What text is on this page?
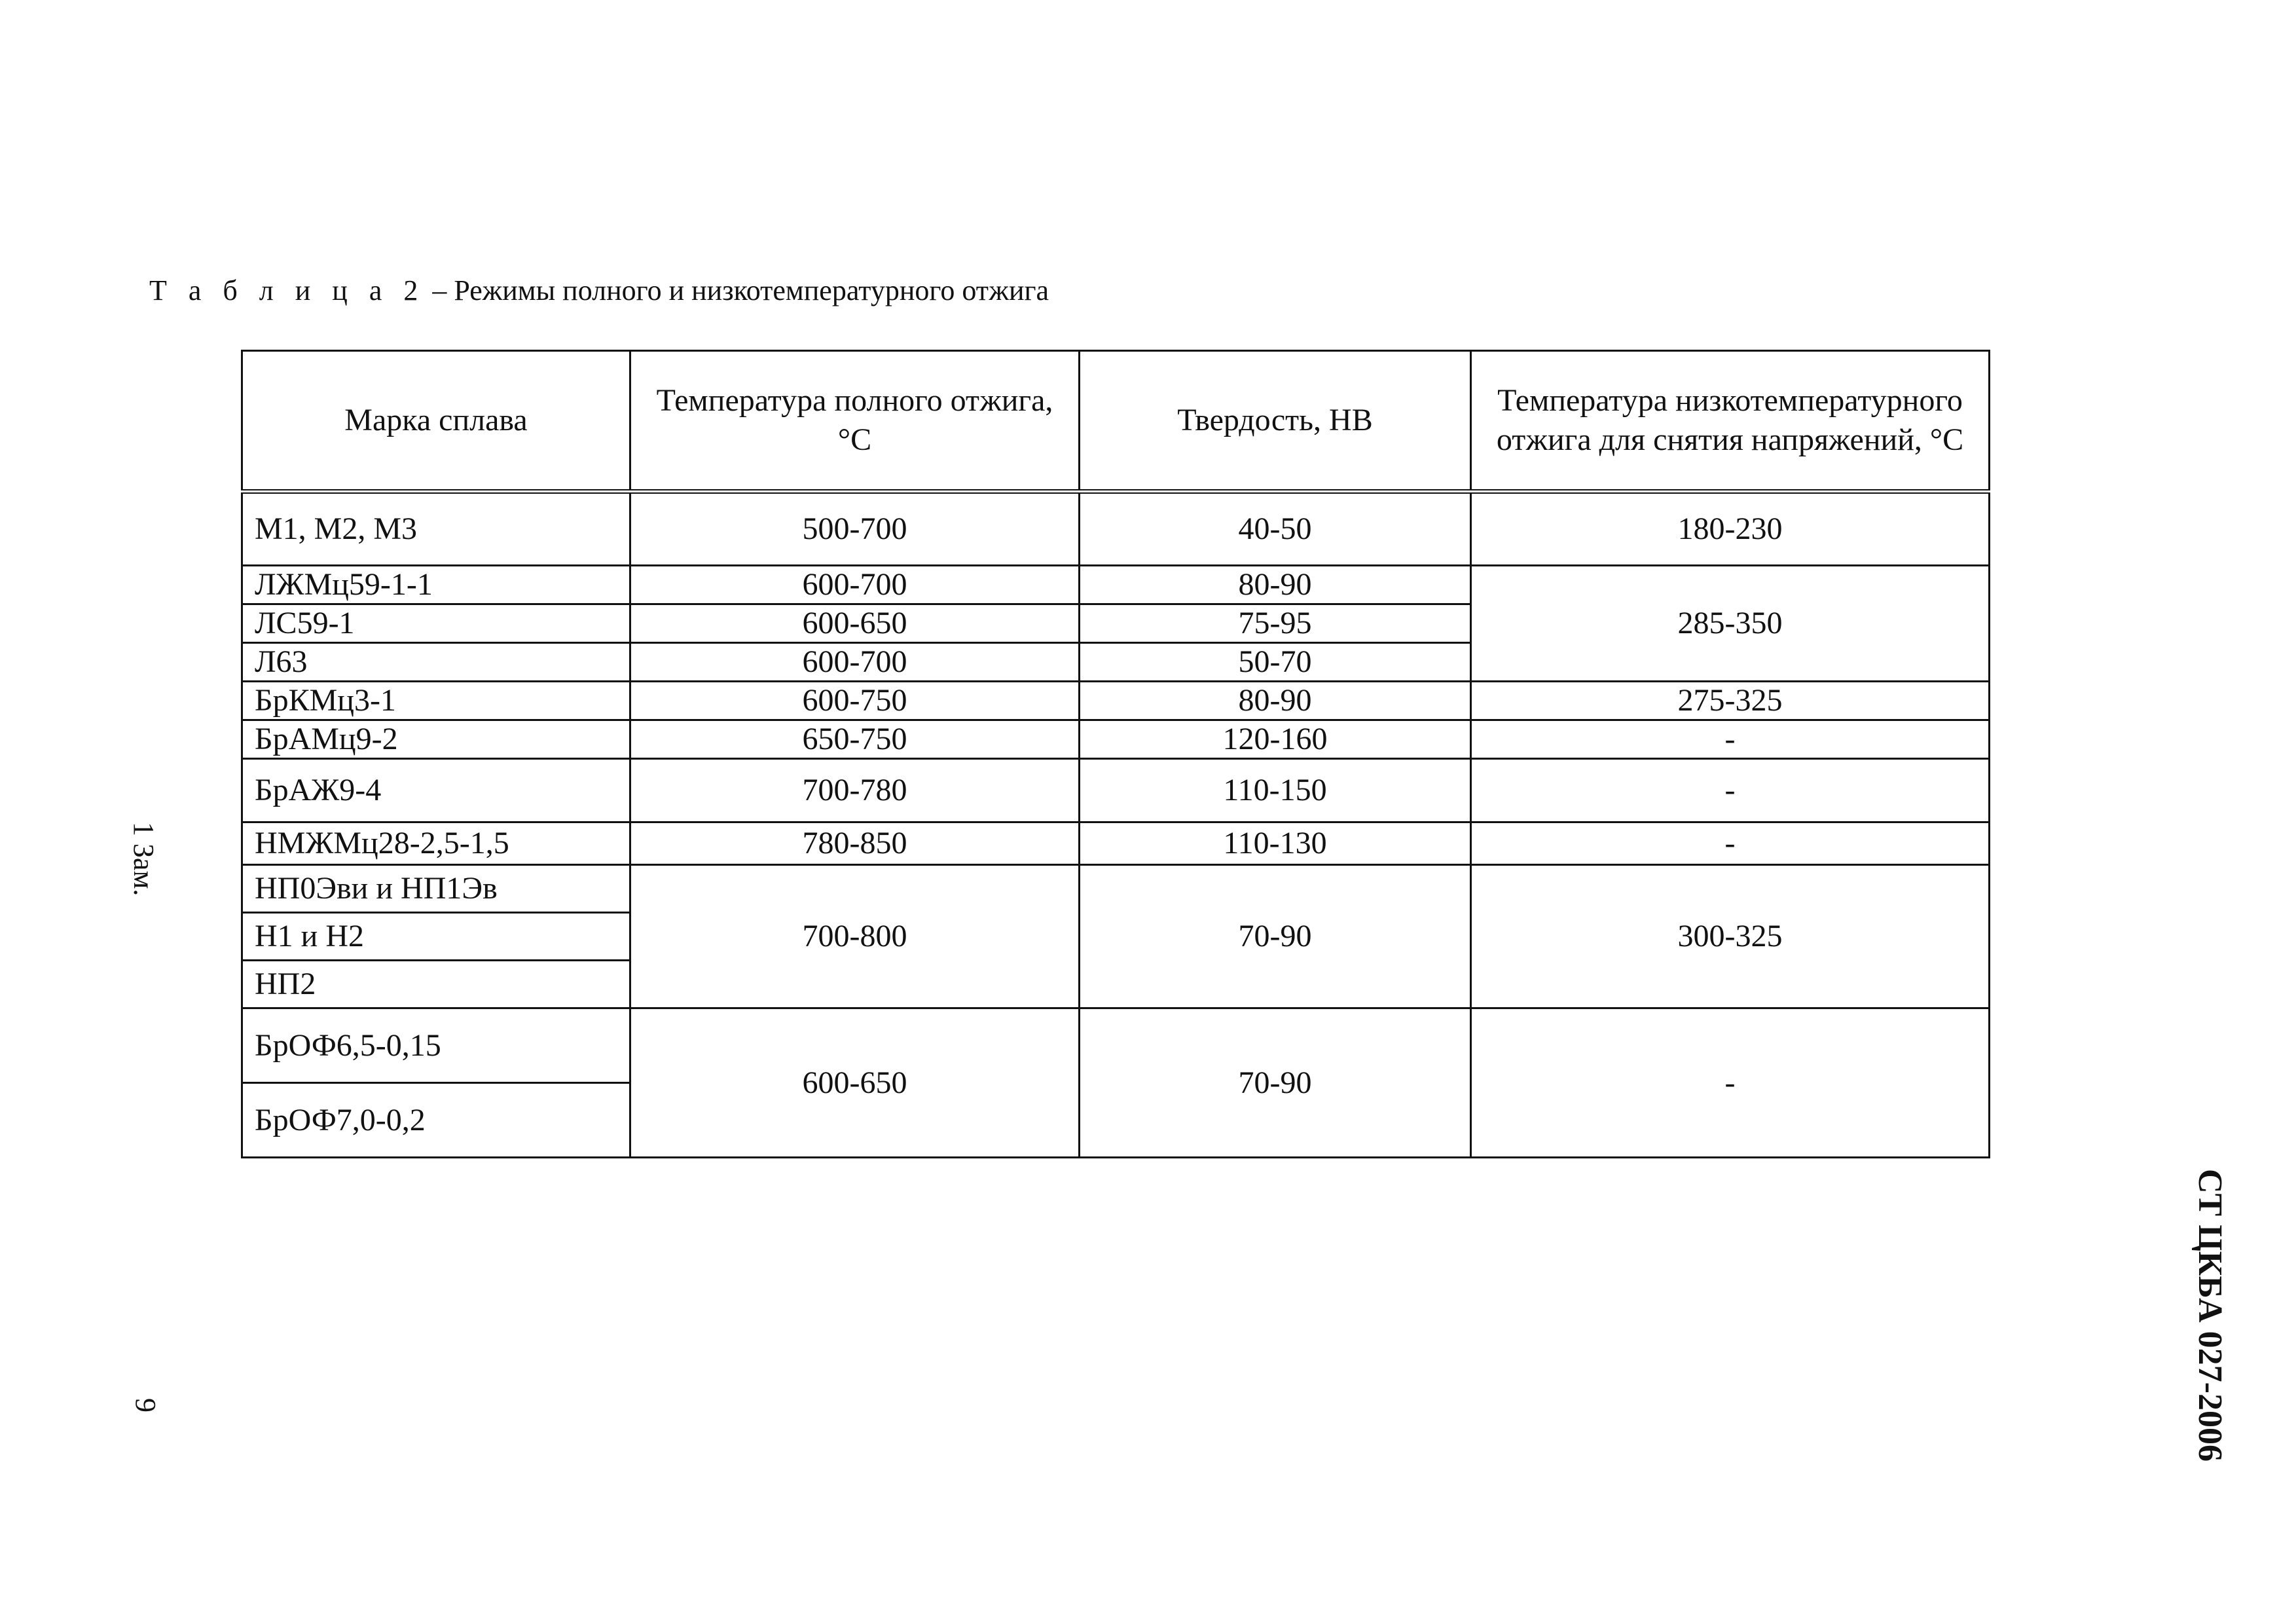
Т а б л и ц а 2 – Режимы полного и низкотемпературного отжига
Марка сплава	Температура полного отжига, °С	Твердость, НВ	Температура низкотемпературного отжига для снятия напряжений, °С
М1, М2, М3	500-700	40-50	180-230
ЛЖМц59-1-1	600-700	80-90	285-350
ЛС59-1	600-650	75-95	
Л63	600-700	50-70	
БрКМц3-1	600-750	80-90	275-325
БрАМц9-2	650-750	120-160	-
БрАЖ9-4	700-780	110-150	-
НМЖМц28-2,5-1,5	780-850	110-130	-
НП0Эви и НП1Эв	700-800	70-90	300-325
Н1 и Н2			
НП2			
БрОФ6,5-0,15	600-650	70-90	-
БрОФ7,0-0,2			
1 Зам.
9	СТ ЦКБА 027-2006
